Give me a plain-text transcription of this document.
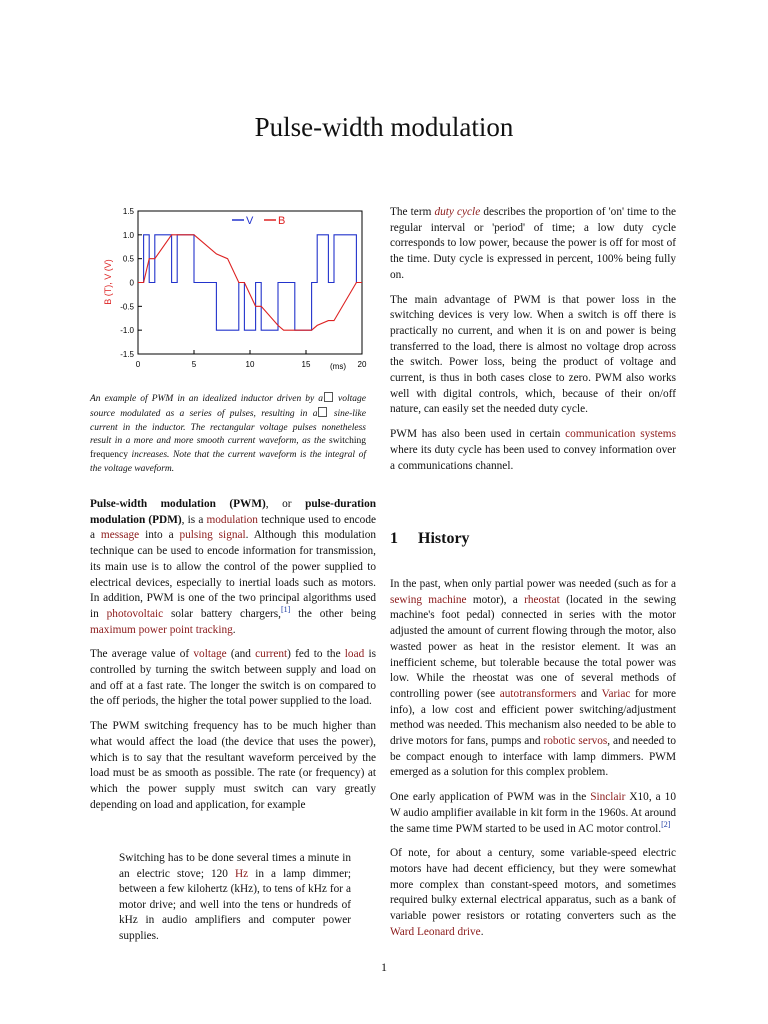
Pulse-width modulation
1.5
1.0
0.5
0
-0.5
-1.0
-1.5
0	5	10	15	20
B (T), V (V)
(ms)
V B
An example of PWM in an idealized inductor driven by a voltage source modulated as a series of pulses, resulting in a sine-like current in the inductor. The rectangular voltage pulses nonetheless result in a more and more smooth current waveform, as the switching frequency increases. Note that the current waveform is the integral of the voltage waveform.

Pulse-width modulation (PWM), or pulse-duration modulation (PDM), is a modulation technique used to encode a message into a pulsing signal. Although this modulation technique can be used to encode information for transmission, its main use is to allow the control of the power supplied to electrical devices, especially to inertial loads such as motors. In addition, PWM is one of the two principal algorithms used in photovoltaic solar battery chargers,[1] the other being maximum power point tracking.

The average value of voltage (and current) fed to the load is controlled by turning the switch between supply and load on and off at a fast rate. The longer the switch is on compared to the off periods, the higher the total power supplied to the load.

The PWM switching frequency has to be much higher than what would affect the load (the device that uses the power), which is to say that the resultant waveform perceived by the load must be as smooth as possible. The rate (or frequency) at which the power supply must switch can vary greatly depending on load and application, for example

Switching has to be done several times a minute in an electric stove; 120 Hz in a lamp dimmer; between a few kilohertz (kHz), to tens of kHz for a motor drive; and well into the tens or hundreds of kHz in audio amplifiers and computer power supplies.

The term duty cycle describes the proportion of 'on' time to the regular interval or 'period' of time; a low duty cycle corresponds to low power, because the power is off for most of the time. Duty cycle is expressed in percent, 100% being fully on.

The main advantage of PWM is that power loss in the switching devices is very low. When a switch is off there is practically no current, and when it is on and power is being transferred to the load, there is almost no voltage drop across the switch. Power loss, being the product of voltage and current, is thus in both cases close to zero. PWM also works well with digital controls, which, because of their on/off nature, can easily set the needed duty cycle.

PWM has also been used in certain communication systems where its duty cycle has been used to convey information over a communications channel.

1 History

In the past, when only partial power was needed (such as for a sewing machine motor), a rheostat (located in the sewing machine's foot pedal) connected in series with the motor adjusted the amount of current flowing through the motor, also wasted power as heat in the resistor element. It was an inefficient scheme, but tolerable because the total power was low. While the rheostat was one of several methods of controlling power (see autotransformers and Variac for more info), a low cost and efficient power switching/adjustment method was needed. This mechanism also needed to be able to drive motors for fans, pumps and robotic servos, and needed to be compact enough to interface with lamp dimmers. PWM emerged as a solution for this complex problem.

One early application of PWM was in the Sinclair X10, a 10 W audio amplifier available in kit form in the 1960s. At around the same time PWM started to be used in AC motor control.[2]

Of note, for about a century, some variable-speed electric motors have had decent efficiency, but they were somewhat more complex than constant-speed motors, and sometimes required bulky external electrical apparatus, such as a bank of variable power resistors or rotating converters such as the Ward Leonard drive.

1
